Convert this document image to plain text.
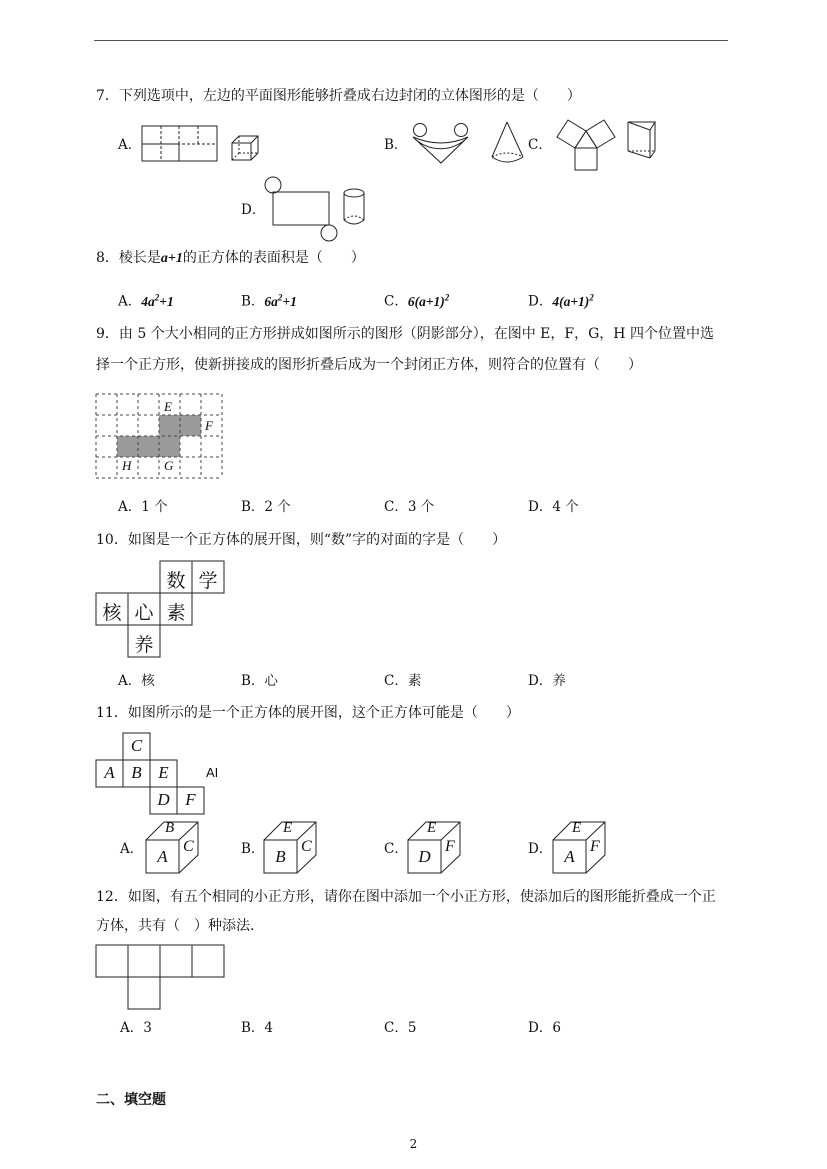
7．下列选项中，左边的平面图形能够折叠成右边封闭的立体图形的是（　　）
A．	B．	C．
D．
8．棱长是a+1的正方体的表面积是（　　）
A．$4a^2+1$	B．$6a^2+1$	C．$6(a+1)^2$	D．$4(a+1)^2$
9．由 5 个大小相同的正方形拼成如图所示的图形（阴影部分），在图中 E，F，G，H 四个位置中选
择一个正方形，使新拼接成的图形折叠后成为一个封闭正方体，则符合的位置有（　　）
E
F
H	G
A．1 个	B．2 个	C．3 个	D．4 个
10．如图是一个正方体的展开图，则“数”字的对面的字是（　　）
数 学
核 心 素
养
A．核	B．心	C．素	D．养
11．如图所示的是一个正方体的展开图，这个正方体可能是（　　）
C
A B E
D F
AI
A．
B
A
C	B．
E
B
C	C．
E
D
F	D．
E
A
F
12．如图，有五个相同的小正方形，请你在图中添加一个小正方形，使添加后的图形能折叠成一个正
方体，共有（　）种添法．
A．3	B．4	C．5	D．6
二、填空题
2
